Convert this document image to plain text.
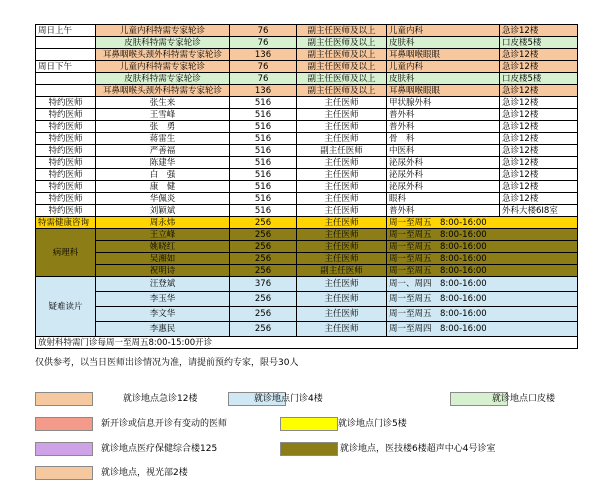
周日上午	儿童内科特需专家轮诊	76	副主任医师及以上	儿童内科	急诊12楼
	皮肤科特需专家轮诊	76	副主任医师及以上	皮肤科	口皮楼5楼
	耳鼻咽喉头颈外科特需专家轮诊	136	副主任医师及以上	耳鼻咽喉眼眼	急诊12楼
周日下午	儿童内科特需专家轮诊	76	副主任医师及以上	儿童内科	急诊12楼
	皮肤科特需专家轮诊	76	副主任医师及以上	皮肤科	口皮楼5楼
	耳鼻咽喉头颈外科特需专家轮诊	136	副主任医师及以上	耳鼻咽喉眼眼	急诊12楼
特约医师	张生来	516	主任医师	甲状腺外科	急诊12楼
特约医师	王雪峰	516	主任医师	普外科	急诊12楼
特约医师	张　勇	516	主任医师	普外科	急诊12楼
特约医师	蒋雷生	516	主任医师	骨　科	急诊12楼
特约医师	严善福	516	副主任医师	中医科	急诊12楼
特约医师	陈建华	516	主任医师	泌尿外科	急诊12楼
特约医师	白　强	516	主任医师	泌尿外科	急诊12楼
特约医师	康　健	516	主任医师	泌尿外科	急诊12楼
特约医师	华佩炎	516	主任医师	眼科	急诊12楼
特约医师	刘颖斌	516	主任医师	普外科	外科大楼6I8室
特需健康咨询	周永炜	256	主任医师	周一至周五　8:00-16:00	
病理科	王立峰	256	主任医师	周一至周五　8:00-16:00	
	姚晓红	256	主任医师	周一至周五　8:00-16:00	
	吴湘如	256	主任医师	周一至周五　8:00-16:00	
	祝明诗	256	副主任医师	周一至周五　8:00-16:00	
疑难读片	汪登斌	376	主任医师	周一、周四　8:00-16:00	
	李玉华	256	主任医师	周一至周五　8:00-16:00	
	李文华	256	主任医师	周一至周五　8:00-16:00	
	李惠民	256	主任医师	周一至周四　8:00-16:00	
放射科特需门诊每周一至周五8:00-15:00开诊					
仅供参考，以当日医师出诊情况为准，请提前预约专家，限号30人
就诊地点急诊12楼	就诊地点门诊4楼	就诊地点口皮楼
新开诊或信息开诊有变动的医师	就诊地点门诊5楼
就诊地点医疗保健综合楼125	就诊地点，医技楼6楼超声中心4号诊室
就诊地点，视光部2楼
